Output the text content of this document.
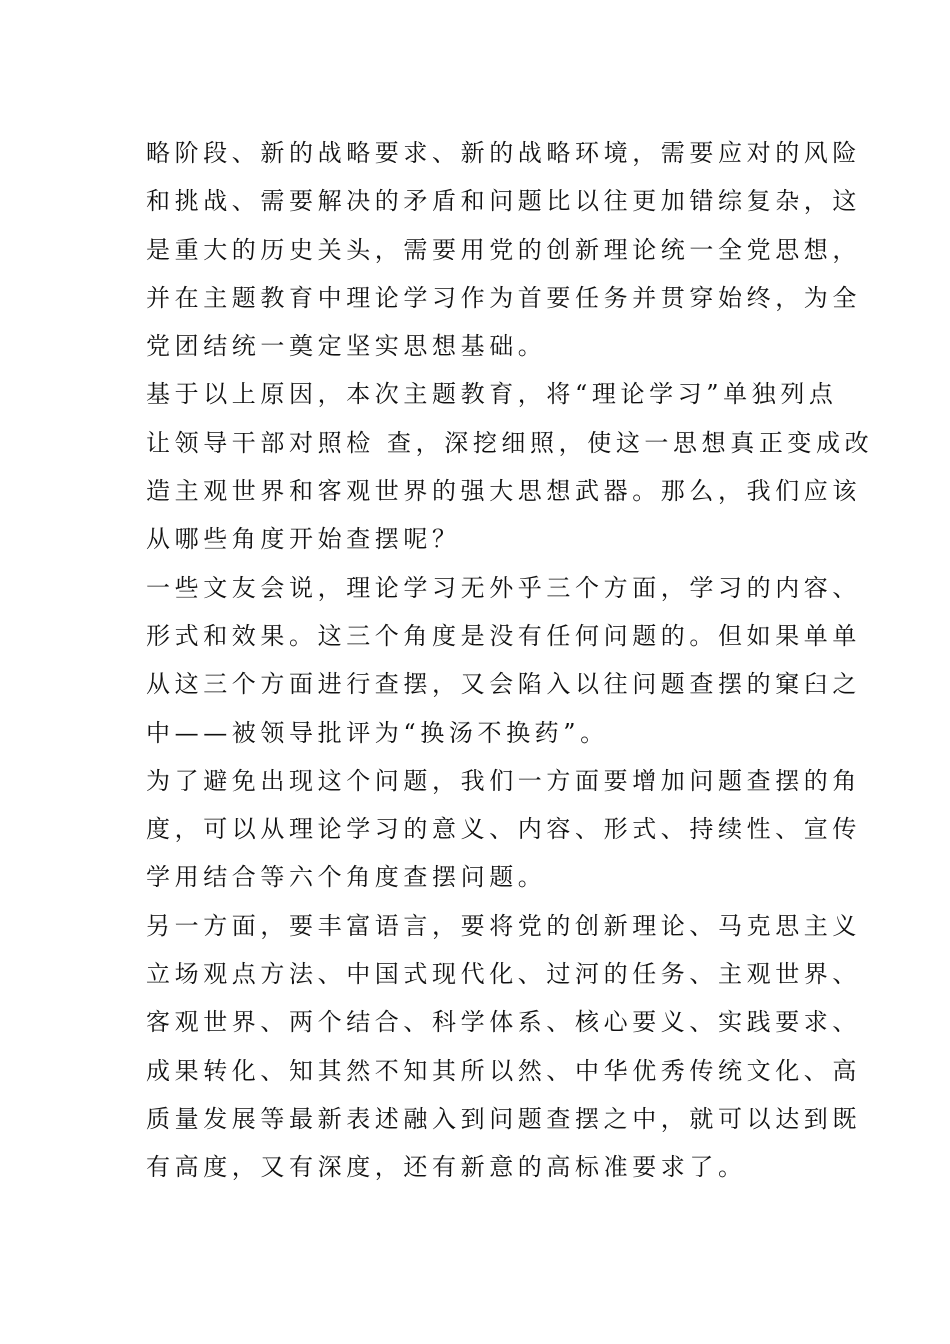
略阶段、新的战略要求、新的战略环境，需要应对的风险
和挑战、需要解决的矛盾和问题比以往更加错综复杂，这
是重大的历史关头，需要用党的创新理论统一全党思想，
并在主题教育中理论学习作为首要任务并贯穿始终，为全
党团结统一奠定坚实思想基础。
基于以上原因，本次主题教育，将“理论学习”单独列点
让领导干部对照检 查，深挖细照，使这一思想真正变成改
造主观世界和客观世界的强大思想武器。那么，我们应该
从哪些角度开始查摆呢？
一些文友会说，理论学习无外乎三个方面，学习的内容、
形式和效果。这三个角度是没有任何问题的。但如果单单
从这三个方面进行查摆，又会陷入以往问题查摆的窠臼之
中——被领导批评为“换汤不换药”。
为了避免出现这个问题，我们一方面要增加问题查摆的角
度，可以从理论学习的意义、内容、形式、持续性、宣传
学用结合等六个角度查摆问题。
另一方面，要丰富语言，要将党的创新理论、马克思主义
立场观点方法、中国式现代化、过河的任务、主观世界、
客观世界、两个结合、科学体系、核心要义、实践要求、
成果转化、知其然不知其所以然、中华优秀传统文化、高
质量发展等最新表述融入到问题查摆之中，就可以达到既
有高度，又有深度，还有新意的高标准要求了。
